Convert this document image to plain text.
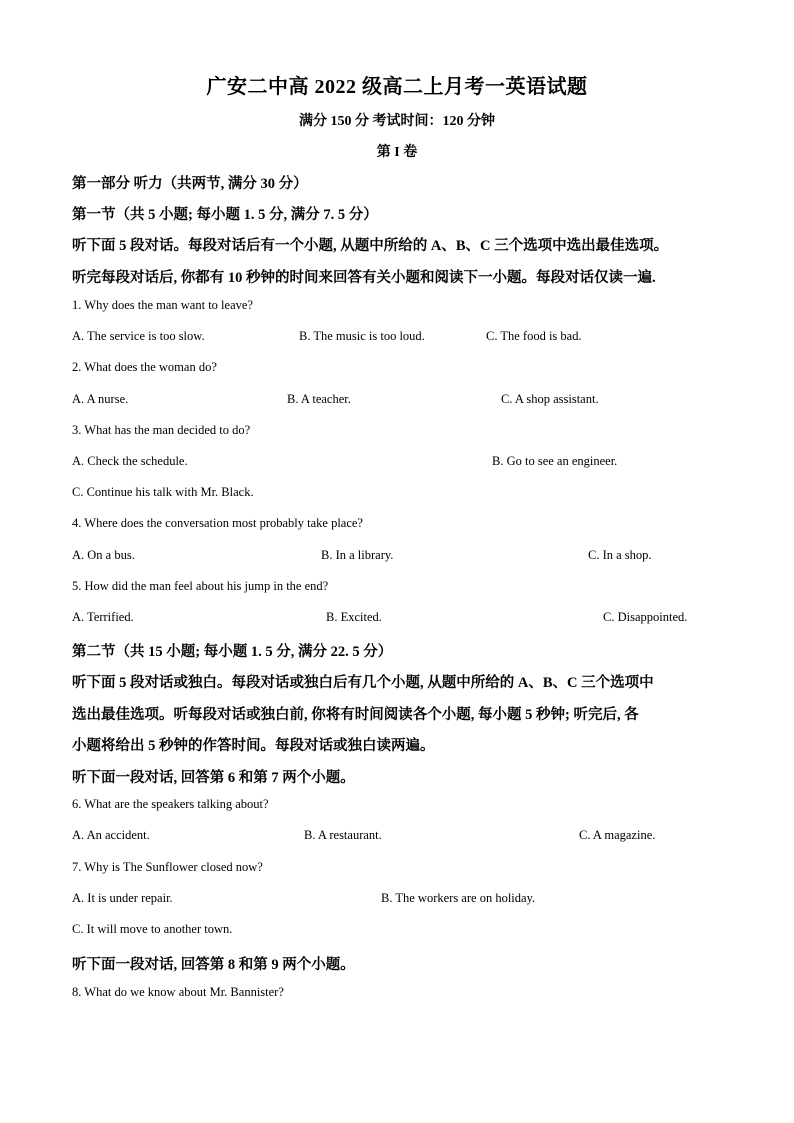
广安二中高 2022 级高二上月考一英语试题
满分 150 分 考试时间：120 分钟
第 I 卷
第一部分 听力（共两节, 满分 30 分）
第一节（共 5 小题; 每小题 1. 5 分, 满分 7. 5 分）
听下面 5 段对话。每段对话后有一个小题, 从题中所给的 A、B、C 三个选项中选出最佳选项。
听完每段对话后, 你都有 10 秒钟的时间来回答有关小题和阅读下一小题。每段对话仅读一遍.
1. Why does the man want to leave?
A. The service is too slow.	B. The music is too loud.	C. The food is bad.
2. What does the woman do?
A. A nurse.	B. A teacher.	C. A shop assistant.
3. What has the man decided to do?
A. Check the schedule.	B. Go to see an engineer.
C. Continue his talk with Mr. Black.
4. Where does the conversation most probably take place?
A. On a bus.	B. In a library.	C. In a shop.
5. How did the man feel about his jump in the end?
A. Terrified.	B. Excited.	C. Disappointed.
第二节（共 15 小题; 每小题 1. 5 分, 满分 22. 5 分）
听下面 5 段对话或独白。每段对话或独白后有几个小题, 从题中所给的 A、B、C 三个选项中
选出最佳选项。听每段对话或独白前, 你将有时间阅读各个小题, 每小题 5 秒钟; 听完后, 各
小题将给出 5 秒钟的作答时间。每段对话或独白读两遍。
听下面一段对话, 回答第 6 和第 7 两个小题。
6. What are the speakers talking about?
A. An accident.	B. A restaurant.	C. A magazine.
7. Why is The Sunflower closed now?
A. It is under repair.	B. The workers are on holiday.
C. It will move to another town.
听下面一段对话, 回答第 8 和第 9 两个小题。
8. What do we know about Mr. Bannister?
